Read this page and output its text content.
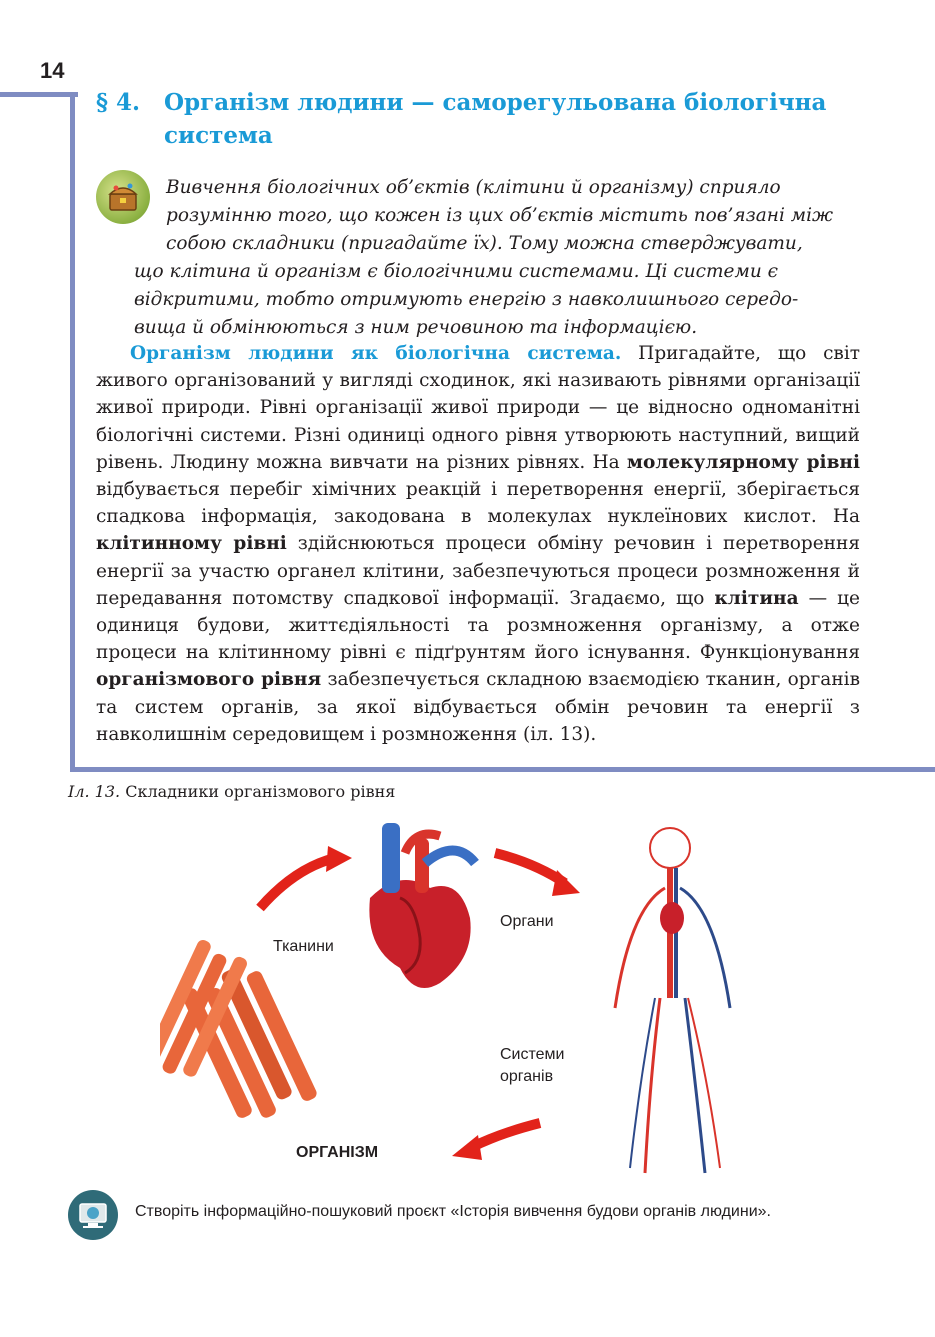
14
§ 4. Організм людини — саморегульована біологічна
система

Вивчення біологічних об’єктів (клітини й організму) сприяло

розумінню того, що кожен із цих об’єктів містить пов’язані між

собою складники (пригадайте їх). Тому можна стверджувати,

що клітина й організм є біологічними системами. Ці системи є

відкритими, тобто отримують енергію з навколишнього середо-

вища й обмінюються з ним речовиною та інформацією.

Організм людини як біологічна система. Пригадайте, що світ живого організований у вигляді сходинок, які називають рівнями організації живої природи. Рівні організації живої природи — це відносно одноманітні біологічні системи. Різні одиниці одного рівня утворюють наступний, вищий рівень. Людину можна вивчати на різних рівнях. На молекулярному рівні відбувається перебіг хімічних реакцій і перетворення енергії, зберігається спадкова інформація, закодована в молекулах нуклеїнових кислот. На клітинному рівні здійснюються процеси обміну речовин і перетворення енергії за участю органел клітини, забезпечуються процеси розмноження й передавання потомству спадкової інформації. Згадаємо, що клітина — це одиниця будови, життєдіяльності та розмноження організму, а отже процеси на клітинному рівні є підґрунтям його існування. Функціонування організмового рівня забезпечується складною взаємодією тканин, органів та систем органів, за якої відбувається обмін речовин та енергії з навколишнім середовищем і розмноження (іл. 13).

Іл. 13. Складники організмового рівня
Тканини
Органи
Системи
органів
ОРГАНІЗМ
Створіть інформаційно-пошуковий проєкт «Історія вивчення будови органів людини».
